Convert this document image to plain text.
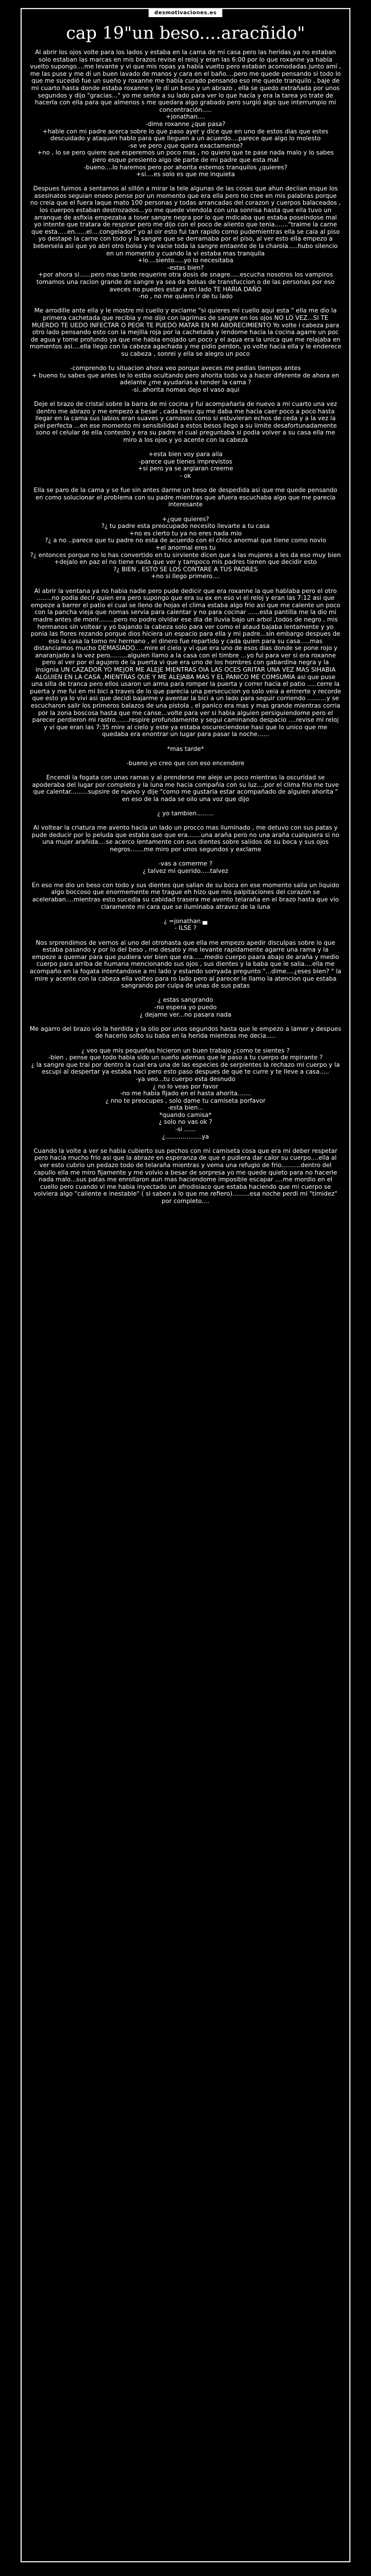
desmotivaciones.es
cap 19"un beso....aracñido"

Al abrir los ojos volte para los lados y estaba en la cama de mi casa pero las heridas ya no estaban solo estaban las marcas en mis brazos revise el reloj y eran las 6:00 por lo que roxanne ya había vuelto supongo....me levante y vi que mis ropas ya había vuelto pero estaban acomodadas junto amí , me las puse y me dí un buen lavado de manos y cara en el baño....pero me quede pensando si todo lo que me sucedió fue un sueño y roxanne me había curado pensando eso me quede tranquilo , baje de mi cuarto hasta donde estaba roxanne y le dí un beso y un abrazo , ella se quedo extrañada por unos segundos y dijo "gracias..." yo me sente a su lado para ver lo que hacía y era la tarea yo trate de hacerla con ella para que almenos s me quedara algo grabado pero surgió algo que interrumpio mi concentración.....
+jonathan....
-dime roxanne ¿que pasa?
+hable con mi padre acerca sobre lo que paso ayer y dice que en uno de estos dias que estes descuidado y ataquen hablo para que lleguen a un acuerdo....parece que algo lo molesto
-se ve pero ¿que quera exactamente?
+no , lo se pero quiere que esperemos un poco mas , no quiero que te pase nada malo y lo sabes pero esque presiento algo de parte de mi padre que esta mal
-bueno....lo haremos pero por ahorita estemos tranquilos ¿quieres?
+si....es solo es que me inquieta

Despues fuimos a sentarnos al sillón a mirar la tele algunas de las cosas que ahun deciian esque los asesinatos seguian eneeo pense por un momento que era ella pero no cree en mis palabras porque no creia que el fuera laque mato 100 personas y todas arrancadas del corazon y cuerpos balaceados , los cuerpos estaban destrozados...yo me quede viendola con una sonrisa hasta que ella tuvo un arranque de asfixia empezaba a toser sangre negra por lo que mdicaba que estaba poseindose mal yo intente que tratara de respirar pero me dijo con el poco de aliento que tenia......."traime la carne que esta.....en......el....congelador" yo al oir esto fui tan rapido como pudemientras ella se caia al piso yo destape la carne con todo y la sangre que se derramaba por el piso, al ver esto ella empezo a bebersela asi que yo abri otro bolsa y le vacie toda la sangre entaente de la charola.....hubo silencio en un momento y cuando la vi estaba mas tranquila
+lo....siento.....yo lo necesitaba
-estas bien?
+por ahora si......pero mas tarde requerire otra dosis de snagre.....escucha nosotros los vampiros tomamos una racion grande de sangre ya sea de bolsas de transfuccion o de las personas por eso aveces no puedes estar a mi lado TE HARIA DAÑO
-no , no me quiero ir de tu lado

Me arrodille ante ella y le mostre mi cuello y exclame "si quieres mi cuello aqui esta " ella me dio la primera cachetada que recibia y me dijo con lagrimas de sangre en los ojos NO LO VEZ...SI TE MUERDO TE UEDO INFECTAR O PEOR TE PUEDO MATAR EN MI ABORECIMIENTO Yo volte i cabeza para otro lado pensando esto con la mejilla roja por la cachetada y lendome hacia la cocina agarre un poc de agua y tome profundo ya que me habia enojado un poco y el aqua era la unica que me relajaba en momentos asi....ella llego con la cabeza agachada y me pidio perdon, yo volte hacia ella y le enderece su cabeza , sonrei y ella se alegro un poco

-comprendo tu situacion ahora veo porque aveces me pedias tiempos antes
+ bueno tu sabes que antes te lo estba ocultando pero ahorita todo va a hacer diferente de ahora en adelante ¿me ayudarias a tender la cama ?
-si..ahorita nomas dejo el vaso aqui

Deje el brazo de cristal sobre la barra de mi cocina y fui acompañarla de nuevo a mi cuarto una vez dentro me abrazo y me empezo a besar , cada beso qu me daba me hacia caer poco a poco hasta llegar en la cama sus labios eran suaves y carnosos como si estuvieran echos de ceda y a la vez la piel perfecta ...en ese momento mi sensibilidad a estos besos llego a su limite desafortunadamente sono el celular de ella contesto y era su padre el cual preguntaba si podia volver a su casa ella me miro a los ojos y yo acente con la cabeza

+esta bien voy para alla
-parece que tienes imprevistos
+si pero ya se arglaran creeme
- ok

Ella se paro de la cama y se fue sin antes darme un beso de despedida asi que me quede pensando en como solucionar el problema con su padre mientras que afuera escuchaba algo que me parecia interesante

+¿que quieres?
?¿ tu padre esta preocupado necesito llevarte a tu casa
+no es cierto tu ya no eres nada mio
?¿ a no ..parece que tu padre no esta de acuerdo con el chico anormal que tiene como novio
+el anormal eres tu
?¿ entonces porque no lo has convertido en tu sirviente dicen que a las mujeres a les da eso muy bien
+dejalo en paz el no tiene nada que ver y tampoco mis padres tienen que decidir esto
?¿ BIEN , ESTO SE LOS CONTARE A TUS PADRES
+no si llego primero....

Al abrir la ventana ya no habia nadie pero pude dedicir que era roxanne la que hablaba pero el otro ........no podia decir quien era pero supongo que era su ex en eso vi el reloj y eran las 7:12 asi que empeze a barrer el patio el cual se lleno de hojas el clima estaba algo frio asi que me calente un poco con la pancha vieja que nomas servia para calentar y no para cocinar ......esta pantilla me la dio mi madre antes de morir........pero no podre olvidar ese dia de lluvia bajo un arbol ,todos de negro , mis hermanos sin voltear y yo bajando la cabeza solo para ver como el ataud bajaba lentamente y yo ponia las flores rezando porque dios hiciera un espacio para ella y mi padre...sin embargo despues de eso la casa la tomo mi hermano , el dinero fue repartido y cada quien para su casa.....mas distanciamos mucho DEMASIADO.....mire el cielo y vi que era uno de esos dias donde se pone rojo y anaranjado a la vez pero.........alguien llamo a la casa con el timbre ...yo fui para ver si era roxanne pero al ver por el agujero de la puerta vi que era uno de los hombres con gabardina negra y la insignia UN CAZADOR YO MEJOR ME ALEJE MIENTRAS OIA LAS OCES GRITAR UNA VEZ MAS SIHABIA ALGUIEN EN LA CASA ,MIENTRAS QUE Y ME ALEJABA MAS Y EL PANICO ME COMSUMIA asi que puse una silla de tranca pero ellos usaron un arma para romper la puerta y correr hacia el patio .....cerre la puerta y me fui en mi bici a traves de lo que parecia una persecucion yo solo veia a entrerte y recorde que esto ya lo vivi asi que decidi bajarme y aventar la bici a un lado para seguir corriendo ..........y se escucharon salir los primeros balazos de una pistola , el panico era mas y mas grande mientras corria por la zona boscosa hasta que me canse...volte para ver si habia alguien persiguiendome pero el parecer perdieron mi rastro.......respire profundamente y segui caminando despacio ....revise mi reloj y vi que eran las 7:35 mire al cielo y este ya estaba oscureciendose hasi que lo unico que me quedaba era enontrar un lugar para pasar la noche......

*mas tarde*

-bueno yo creo que con eso encendere

Encendi la fogata con unas ramas y al prenderse me aleje un poco mientras la oscuridad se apoderaba del lugar por completo y la luna me hacia compañia con su luz....por el clima frio me tuve que calentar.........supsire de nuevo y dije "como me gustaria estar acompañado de alguien ahorita " en eso de la nada se oilo una voz que dijo

¿ yo tambien.........

Al voltear la criatura me avento hacia un lado un procco mas iluminado , me detuvo con sus patas y pude deducir por lo peluda que estaba que que era.......una araña pero no una araña cualquiera si no una mujer arañida....se acerco lentamente con sus dientes sobre salidos de su boca y sus ojos negros.......me miro por unos segundos y exclame

-vas a comerme ?
¿ talvez mi querido.....talvez

En eso me dio un beso con todo y sus dientes que salian de su boca en ese momento salia un liquido algo boccoso que enormemente me trague eh hizo que mis palpitaciones del corazon se aceleraban....mientras esto sucedia su cabidad trasera me avento telaraña en el brazo hasta que vio claramente mi cara que se iluminaba atravez de la luna

¿ =jonathan ▄
- ILSE ?

Nos srprendimos de vernos al uno del otrohasta que ella me empezo apedir disculpas sobre lo que estaba pasando y por lo del beso , me desato y me levante rapidamente agarre una rama y la empeze a quemar para que pudiera ver bien que era......medio cuerpo paara abajo de araña y medio cuerpo para arriba de humana mencionando sus ojos , sus dientes y la baba que le salia....ella me acompaño en la fogata intentandose a mi lado y estando sorryada pregunto "...dime....¿eses bien? " la mire y acente con la cabeza ella volteo para ro lado pero al parecer le llamo la atencion que estaba sangrando por culpa de unas de sus patas

¿ estas sangrando
-no espera yo puedo
¿ dejame ver...no pasara nada

Me agarro del brazo vio la herdida y la olio por unos segundos hasta que le empezo a lamer y despues de hacerlo solto su baba en la herida mientras me decia.....

¿ veo que mis pequeñas hicieron un buen trabajo ¿como te sientes ?
-bien , pense que todo habia sido un sueño ademas que le paso a tu cuerpo de mpirante ?
¿ la sangre que trai por dentro la cual era una de las especies de serpientes la rechazo mi cuerpo y la escupi al despertar ya estaba haci pero esto paso despues de que te curre y te lleve a casa.....
-ya veo...tu cuerpo esta desnudo
¿ no lo veas por favor
-no me habia fijado en el hasta ahorita.......
¿ nno te preocupes , solo dame tu camiseta porfavor
-esta bien...
*quando camisa*
¿ solo no vas ok ?
-si ......
¿...................ya

Cuando la volte a ver se habia cubierto sus pechos con mi camiseta cosa que era mi deber respetar pero hacia mucho frio asi que la abraze en esperanza de que e pudiera dar calor su cuerpo....ella al ver esto cubrio un pedazo todo de telaraña mientras y vema una refugio de frio..........dentro del capullo ella me miro fijamente y me volvio a besar de sorpresa yo me quede quieto para no hacerle nada malo...sus patas me enrollaron aun mas haciendome imposible escapar ....me mordio en el cuello pero cuando vi me habia inyectado un afrodisiaco que estaba haciendo que mi cuerpo se volviera algo "caliente e inestable" ( si saben a lo que me refiero).........esa noche perdi mi "timidez" por completo....
